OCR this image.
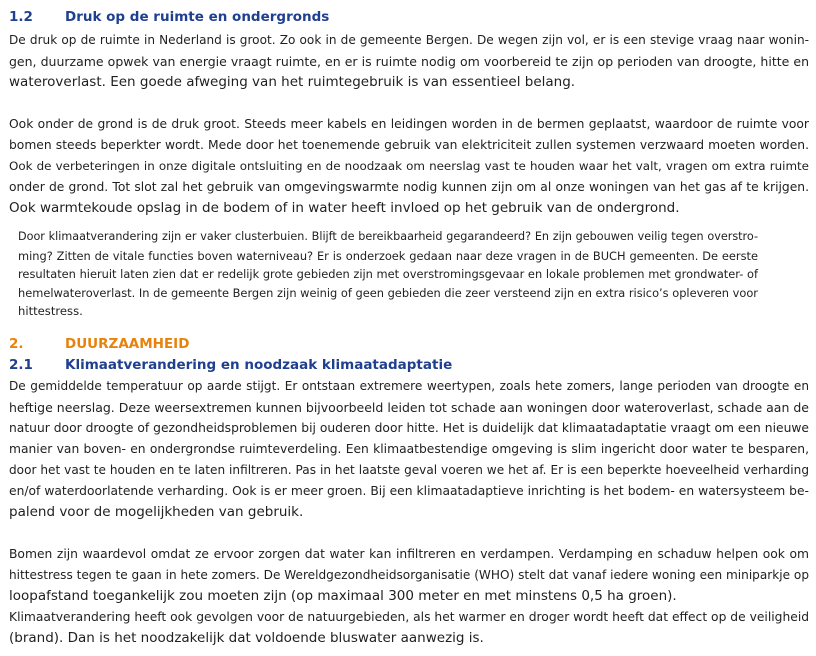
1.2 Druk op de ruimte en ondergronds
De druk op de ruimte in Nederland is groot. Zo ook in de gemeente Bergen. De wegen zijn vol, er is een stevige vraag naar wonin-
gen, duurzame opwek van energie vraagt ruimte, en er is ruimte nodig om voorbereid te zijn op perioden van droogte, hitte en
wateroverlast. Een goede afweging van het ruimtegebruik is van essentieel belang.
Ook onder de grond is de druk groot. Steeds meer kabels en leidingen worden in de bermen geplaatst, waardoor de ruimte voor
bomen steeds beperkter wordt. Mede door het toenemende gebruik van elektriciteit zullen systemen verzwaard moeten worden.
Ook de verbeteringen in onze digitale ontsluiting en de noodzaak om neerslag vast te houden waar het valt, vragen om extra ruimte
onder de grond. Tot slot zal het gebruik van omgevingswarmte nodig kunnen zijn om al onze woningen van het gas af te krijgen.
Ook warmtekoude opslag in de bodem of in water heeft invloed op het gebruik van de ondergrond.
Door klimaatverandering zijn er vaker clusterbuien. Blijft de bereikbaarheid gegarandeerd? En zijn gebouwen veilig tegen overstro-
ming? Zitten de vitale functies boven waterniveau? Er is onderzoek gedaan naar deze vragen in de BUCH gemeenten. De eerste
resultaten hieruit laten zien dat er redelijk grote gebieden zijn met overstromingsgevaar en lokale problemen met grondwater- of
hemelwateroverlast. In de gemeente Bergen zijn weinig of geen gebieden die zeer versteend zijn en extra risico’s opleveren voor
hittestress.
2.	DUURZAAMHEID
2.1 Klimaatverandering en noodzaak klimaatadaptatie
De gemiddelde temperatuur op aarde stijgt. Er ontstaan extremere weertypen, zoals hete zomers, lange perioden van droogte en
heftige neerslag. Deze weersextremen kunnen bijvoorbeeld leiden tot schade aan woningen door wateroverlast, schade aan de
natuur door droogte of gezondheidsproblemen bij ouderen door hitte. Het is duidelijk dat klimaatadaptatie vraagt om een nieuwe
manier van boven- en ondergrondse ruimteverdeling. Een klimaatbestendige omgeving is slim ingericht door water te besparen,
door het vast te houden en te laten infiltreren. Pas in het laatste geval voeren we het af. Er is een beperkte hoeveelheid verharding
en/of waterdoorlatende verharding. Ook is er meer groen. Bij een klimaatadaptieve inrichting is het bodem- en watersysteem be-
palend voor de mogelijkheden van gebruik.
Bomen zijn waardevol omdat ze ervoor zorgen dat water kan infiltreren en verdampen. Verdamping en schaduw helpen ook om
hittestress tegen te gaan in hete zomers. De Wereldgezondheidsorganisatie (WHO) stelt dat vanaf iedere woning een miniparkje op
loopafstand toegankelijk zou moeten zijn (op maximaal 300 meter en met minstens 0,5 ha groen).
Klimaatverandering heeft ook gevolgen voor de natuurgebieden, als het warmer en droger wordt heeft dat effect op de veiligheid
(brand). Dan is het noodzakelijk dat voldoende bluswater aanwezig is.
